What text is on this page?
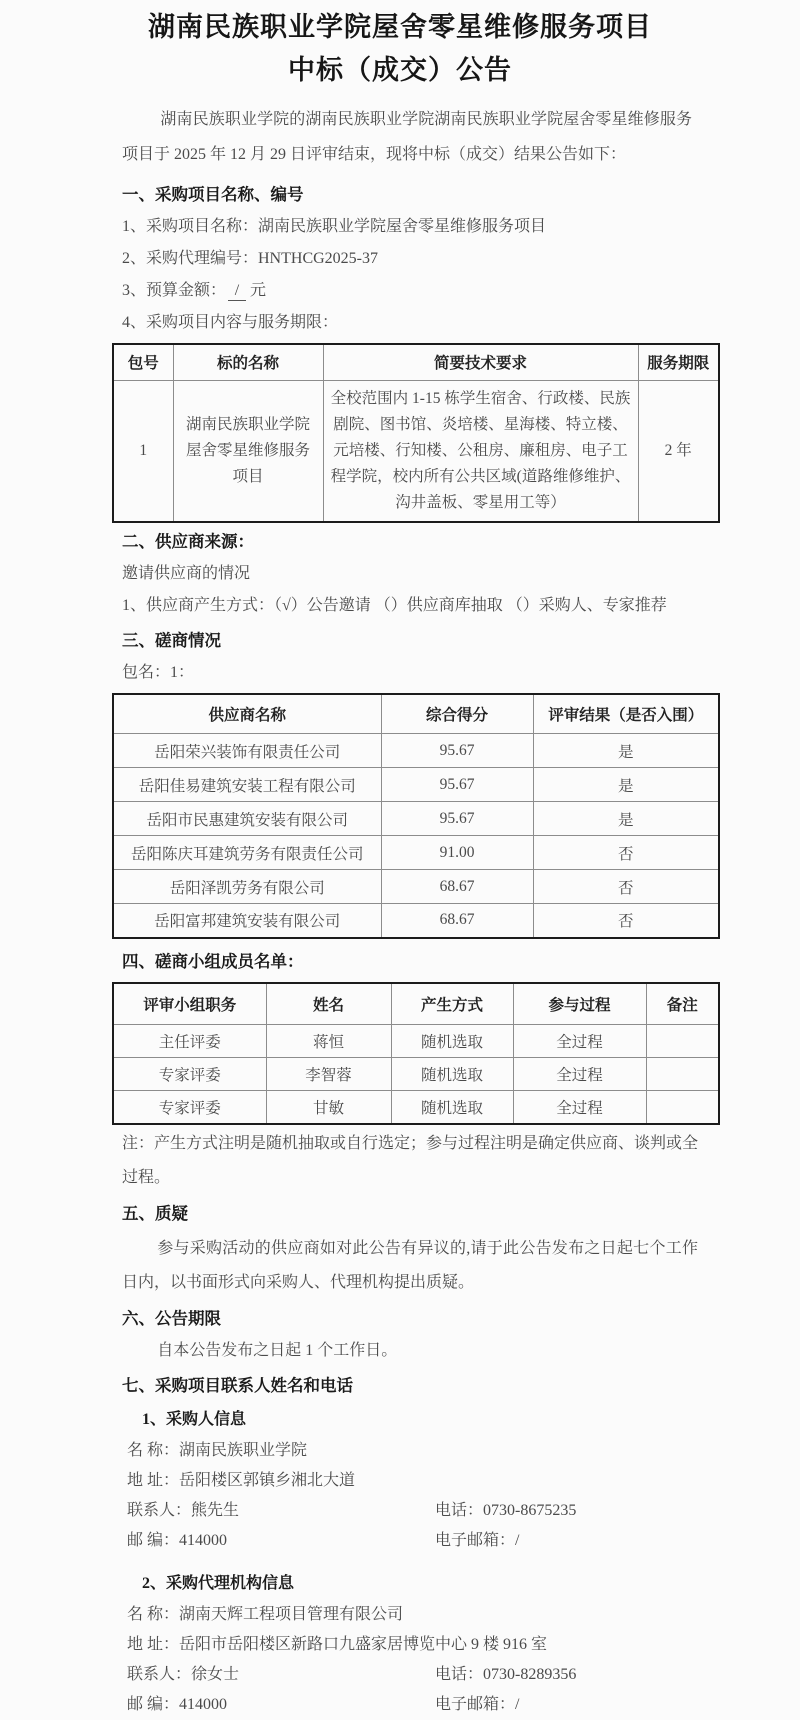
湖南民族职业学院屋舍零星维修服务项目
中标（成交）公告

湖南民族职业学院的湖南民族职业学院湖南民族职业学院屋舍零星维修服务项目于 2025 年 12 月 29 日评审结束，现将中标（成交）结果公告如下：

一、采购项目名称、编号

1、采购项目名称：湖南民族职业学院屋舍零星维修服务项目

2、采购代理编号：HNTHCG2025-37

3、预算金额： / 元

4、采购项目内容与服务期限：

包号	标的名称	简要技术要求	服务期限
1	湖南民族职业学院屋舍零星维修服务项目	全校范围内 1-15 栋学生宿舍、行政楼、民族剧院、图书馆、炎培楼、星海楼、特立楼、元培楼、行知楼、公租房、廉租房、电子工程学院，校内所有公共区域(道路维修维护、沟井盖板、零星用工等）	2 年
二、供应商来源：

邀请供应商的情况

1、供应商产生方式：（√）公告邀请 （）供应商库抽取 （）采购人、专家推荐

三、磋商情况

包名：1：

供应商名称	综合得分	评审结果（是否入围）
岳阳荣兴装饰有限责任公司	95.67	是
岳阳佳易建筑安装工程有限公司	95.67	是
岳阳市民惠建筑安装有限公司	95.67	是
岳阳陈庆耳建筑劳务有限责任公司	91.00	否
岳阳泽凯劳务有限公司	68.67	否
岳阳富邦建筑安装有限公司	68.67	否
四、磋商小组成员名单：
评审小组职务	姓名	产生方式	参与过程	备注
主任评委	蒋恒	随机选取	全过程	
专家评委	李智蓉	随机选取	全过程	
专家评委	甘敏	随机选取	全过程	

注：产生方式注明是随机抽取或自行选定；参与过程注明是确定供应商、谈判或全过程。

五、质疑

参与采购活动的供应商如对此公告有异议的,请于此公告发布之日起七个工作日内，以书面形式向采购人、代理机构提出质疑。

六、公告期限

自本公告发布之日起 1 个工作日。

七、采购项目联系人姓名和电话
1、采购人信息

名 称：湖南民族职业学院

地 址：岳阳楼区郭镇乡湘北大道

联系人：熊先生	电话：0730-8675235

邮 编：414000	电子邮箱：/

2、采购代理机构信息

名 称：湖南天辉工程项目管理有限公司

地 址：岳阳市岳阳楼区新路口九盛家居博览中心 9 楼 916 室

联系人：徐女士	电话：0730-8289356

邮 编：414000	电子邮箱：/
